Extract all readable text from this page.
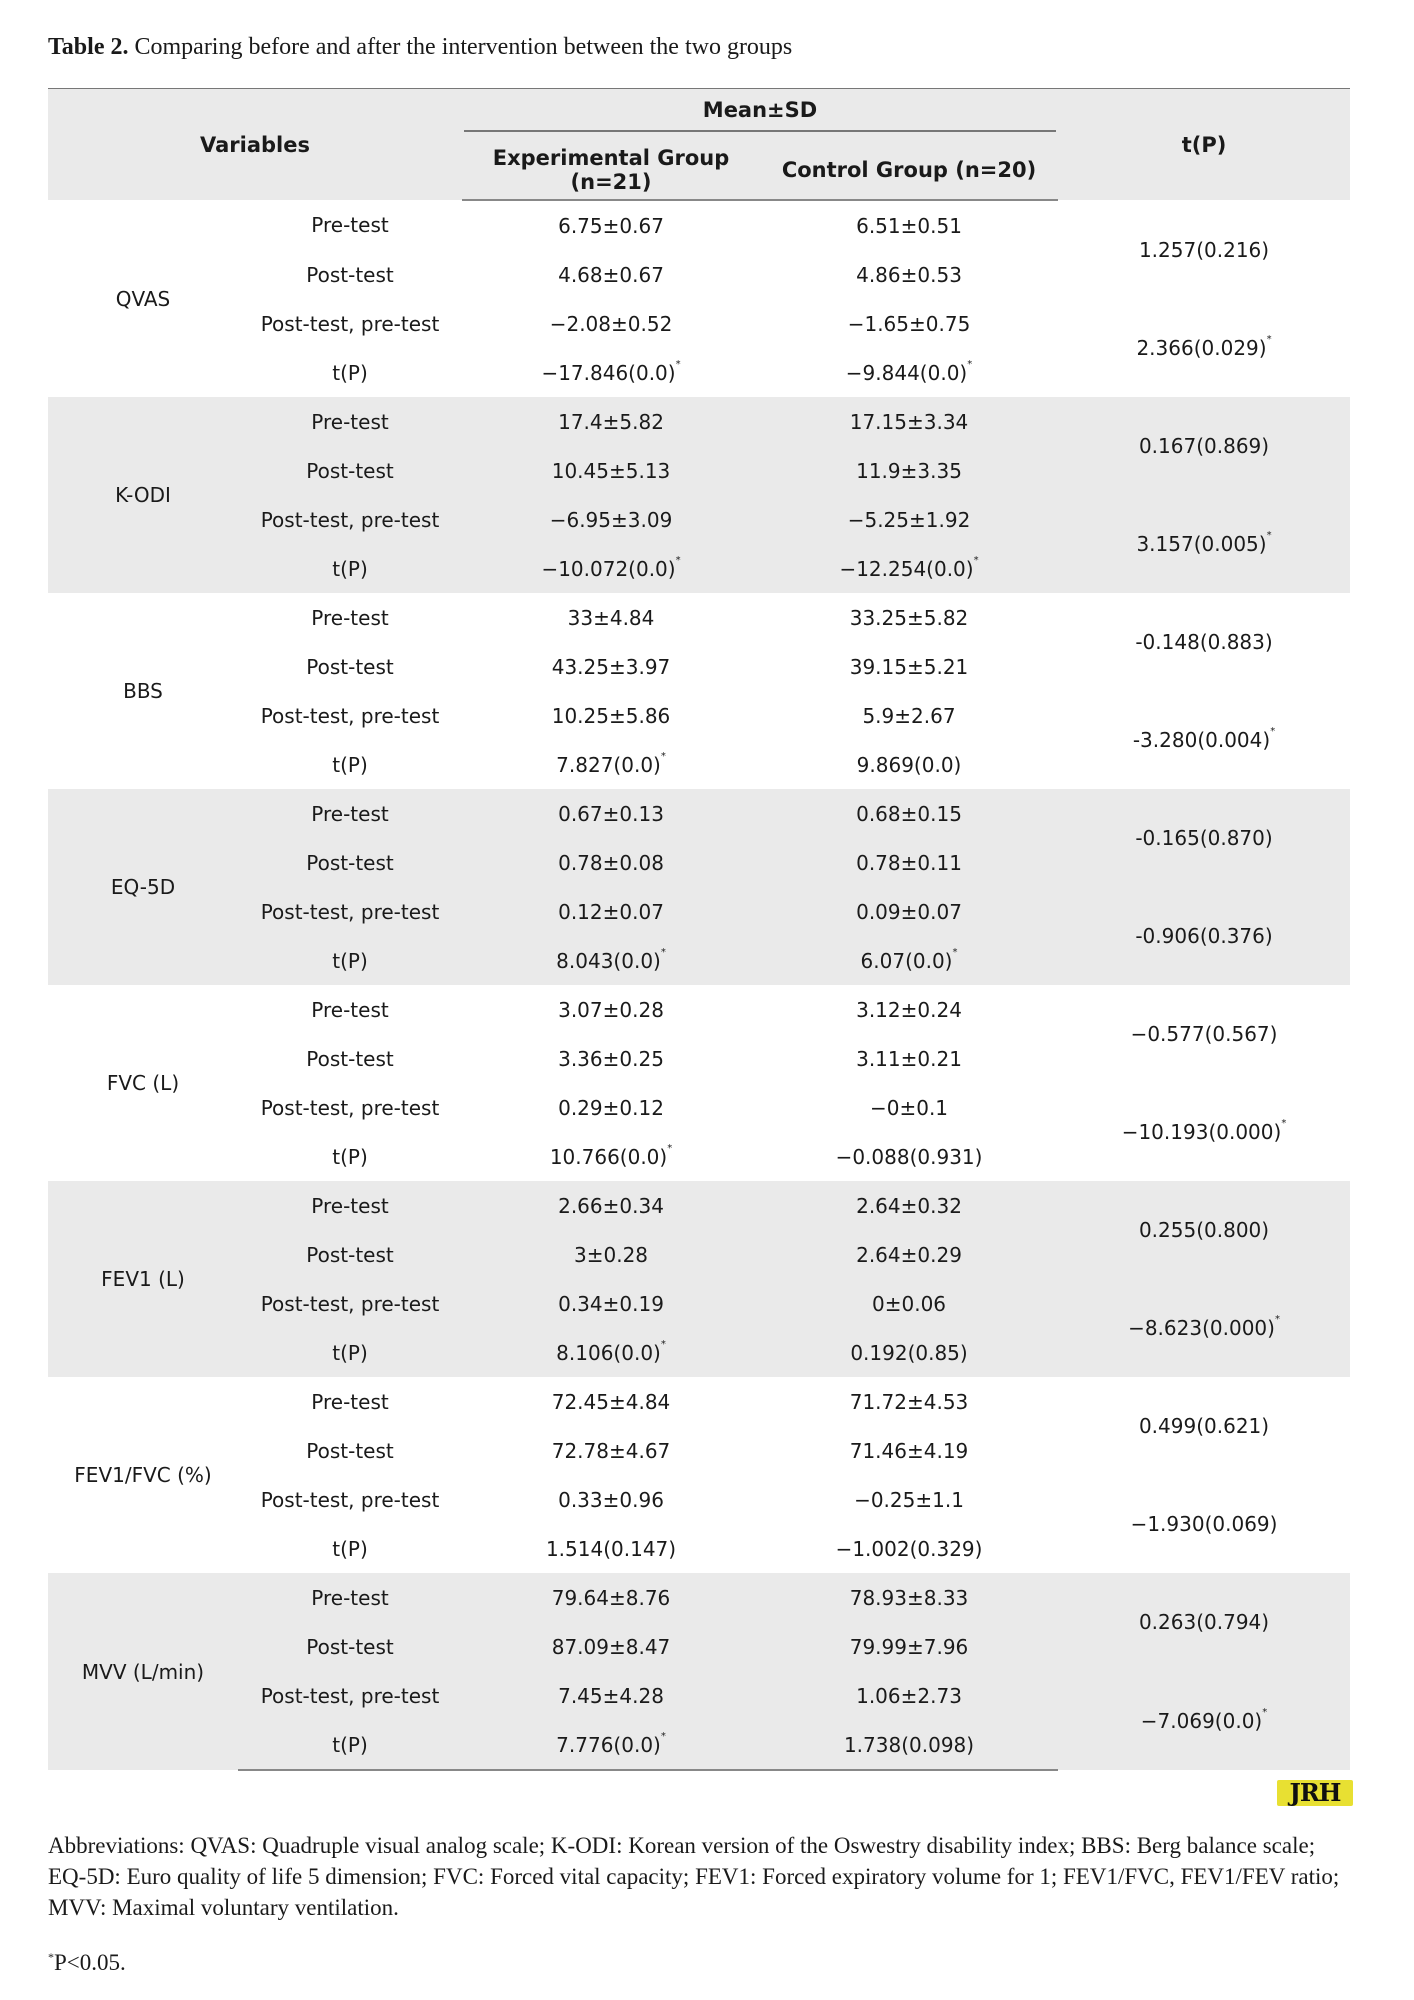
Table 2. Comparing before and after the intervention between the two groups
Variables		Mean±SD		t(P)
		Experimental Group (n=21)	Control Group (n=20)	
QVAS	Pre-test	6.75±0.67	6.51±0.51	1.257(0.216)
	Post-test	4.68±0.67	4.86±0.53	
	Post-test, pre-test	−2.08±0.52	−1.65±0.75	2.366(0.029)*
	t(P)	−17.846(0.0)*	−9.844(0.0)*
K-ODI	Pre-test	17.4±5.82	17.15±3.34	0.167(0.869)
	Post-test	10.45±5.13	11.9±3.35	
	Post-test, pre-test	−6.95±3.09	−5.25±1.92	3.157(0.005)*
	t(P)	−10.072(0.0)*	−12.254(0.0)*
BBS	Pre-test	33±4.84	33.25±5.82	-0.148(0.883)
	Post-test	43.25±3.97	39.15±5.21	
	Post-test, pre-test	10.25±5.86	5.9±2.67	-3.280(0.004)*
	t(P)	7.827(0.0)*	9.869(0.0)	
EQ-5D	Pre-test	0.67±0.13	0.68±0.15	-0.165(0.870)
	Post-test	0.78±0.08	0.78±0.11	
	Post-test, pre-test	0.12±0.07	0.09±0.07	-0.906(0.376)
	t(P)	8.043(0.0)*	6.07(0.0)*
FVC (L)	Pre-test	3.07±0.28	3.12±0.24	−0.577(0.567)
	Post-test	3.36±0.25	3.11±0.21	
	Post-test, pre-test	0.29±0.12	−0±0.1	−10.193(0.000)*
	t(P)	10.766(0.0)*	−0.088(0.931)	
FEV1 (L)	Pre-test	2.66±0.34	2.64±0.32	0.255(0.800)
	Post-test	3±0.28	2.64±0.29	
	Post-test, pre-test	0.34±0.19	0±0.06	−8.623(0.000)*
	t(P)	8.106(0.0)*	0.192(0.85)	
FEV1/FVC (%)	Pre-test	72.45±4.84	71.72±4.53	0.499(0.621)
	Post-test	72.78±4.67	71.46±4.19	
	Post-test, pre-test	0.33±0.96	−0.25±1.1	−1.930(0.069)
	t(P)	1.514(0.147)	−1.002(0.329)	
MVV (L/min)	Pre-test	79.64±8.76	78.93±8.33	0.263(0.794)
	Post-test	87.09±8.47	79.99±7.96	
	Post-test, pre-test	7.45±4.28	1.06±2.73	−7.069(0.0)*
	t(P)	7.776(0.0)*	1.738(0.098)	
JRH
Abbreviations: QVAS: Quadruple visual analog scale; K-ODI: Korean version of the Oswestry disability index; BBS: Berg balance scale; EQ-5D: Euro quality of life 5 dimension; FVC: Forced vital capacity; FEV1: Forced expiratory volume for 1; FEV1/FVC, FEV1/FEV ratio; MVV: Maximal voluntary ventilation.
*P<0.05.
